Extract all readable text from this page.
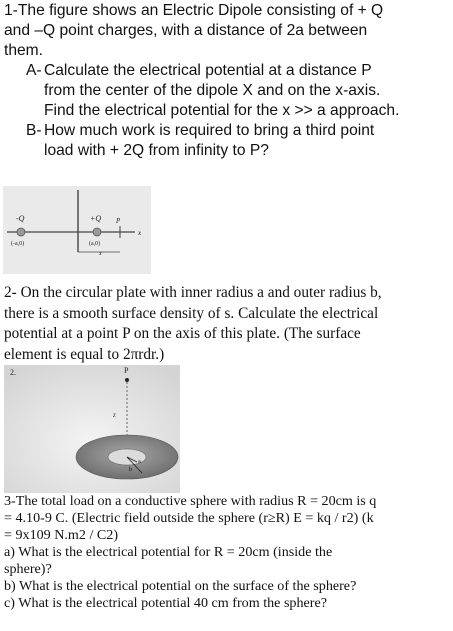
1-The figure shows an Electric Dipole consisting of + Q

and –Q point charges, with a distance of 2a between

them.

A- Calculate the electrical potential at a distance P

from the center of the dipole X and on the x-axis.

Find the electrical potential for the x >> a approach.

B- How much work is required to bring a third point

load with + 2Q from infinity to P?

-Q	+Q P
x
(-a,0)	(a,0)
x

2- On the circular plate with inner radius a and outer radius b,

there is a smooth surface density of s. Calculate the electrical

potential at a point P on the axis of this plate. (The surface

element is equal to 2πrdr.)

2.	P
z
b
a

3-The total load on a conductive sphere with radius R = 20cm is q

= 4.10-9 C. (Electric field outside the sphere (r≥R) E = kq / r2) (k

= 9x109 N.m2 / C2)

a) What is the electrical potential for R = 20cm (inside the

sphere)?

b) What is the electrical potential on the surface of the sphere?

c) What is the electrical potential 40 cm from the sphere?
